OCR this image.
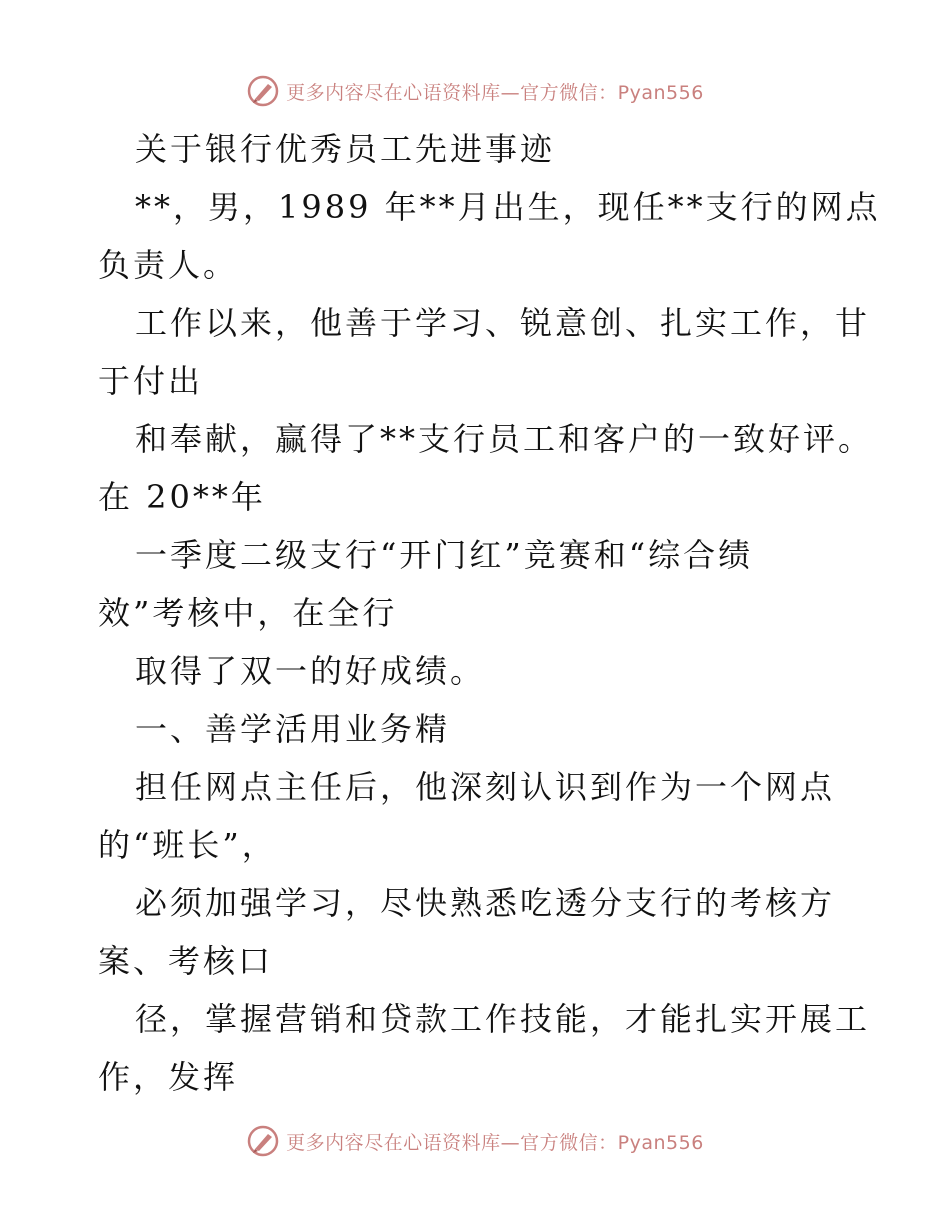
更多内容尽在心语资料库—官方微信：Pyan556
关于银行优秀员工先进事迹
**，男，1989 年**月出生，现任**支行的网点
负责人。
工作以来，他善于学习、锐意创、扎实工作，甘
于付出
和奉献，赢得了**支行员工和客户的一致好评。
在 20**年
一季度二级支行“开门红”竞赛和“综合绩
效”考核中，在全行
取得了双一的好成绩。
一、善学活用业务精
担任网点主任后，他深刻认识到作为一个网点
的“班长”，
必须加强学习，尽快熟悉吃透分支行的考核方
案、考核口
径，掌握营销和贷款工作技能，才能扎实开展工
作，发挥
更多内容尽在心语资料库—官方微信：Pyan556
